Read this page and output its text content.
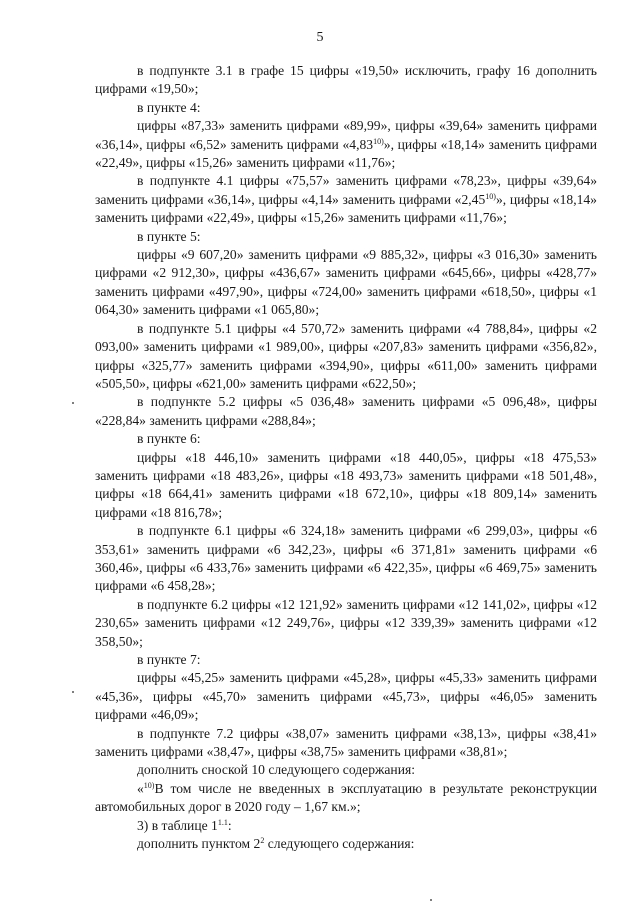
5

в подпункте 3.1 в графе 15 цифры «19,50» исключить, графу 16 дополнить цифрами «19,50»;

в пункте 4:

цифры «87,33» заменить цифрами «89,99», цифры «39,64» заменить цифрами «36,14», цифры «6,52» заменить цифрами «4,83$^{10)}$», цифры «18,14» заменить цифрами «22,49», цифры «15,26» заменить цифрами «11,76»;

в подпункте 4.1 цифры «75,57» заменить цифрами «78,23», цифры «39,64» заменить цифрами «36,14», цифры «4,14» заменить цифрами «2,45$^{10)}$», цифры «18,14» заменить цифрами «22,49», цифры «15,26» заменить цифрами «11,76»;

в пункте 5:

цифры «9 607,20» заменить цифрами «9 885,32», цифры «3 016,30» заменить цифрами «2 912,30», цифры «436,67» заменить цифрами «645,66», цифры «428,77» заменить цифрами «497,90», цифры «724,00» заменить цифрами «618,50», цифры «1 064,30» заменить цифрами «1 065,80»;

в подпункте 5.1 цифры «4 570,72» заменить цифрами «4 788,84», цифры «2 093,00» заменить цифрами «1 989,00», цифры «207,83» заменить цифрами «356,82», цифры «325,77» заменить цифрами «394,90», цифры «611,00» заменить цифрами «505,50», цифры «621,00» заменить цифрами «622,50»;

в подпункте 5.2 цифры «5 036,48» заменить цифрами «5 096,48», цифры «228,84» заменить цифрами «288,84»;

в пункте 6:

цифры «18 446,10» заменить цифрами «18 440,05», цифры «18 475,53» заменить цифрами «18 483,26», цифры «18 493,73» заменить цифрами «18 501,48», цифры «18 664,41» заменить цифрами «18 672,10», цифры «18 809,14» заменить цифрами «18 816,78»;

в подпункте 6.1 цифры «6 324,18» заменить цифрами «6 299,03», цифры «6 353,61» заменить цифрами «6 342,23», цифры «6 371,81» заменить цифрами «6 360,46», цифры «6 433,76» заменить цифрами «6 422,35», цифры «6 469,75» заменить цифрами «6 458,28»;

в подпункте 6.2 цифры «12 121,92» заменить цифрами «12 141,02», цифры «12 230,65» заменить цифрами «12 249,76», цифры «12 339,39» заменить цифрами «12 358,50»;

в пункте 7:

цифры «45,25» заменить цифрами «45,28», цифры «45,33» заменить цифрами «45,36», цифры «45,70» заменить цифрами «45,73», цифры «46,05» заменить цифрами «46,09»;

в подпункте 7.2 цифры «38,07» заменить цифрами «38,13», цифры «38,41» заменить цифрами «38,47», цифры «38,75» заменить цифрами «38,81»;

дополнить сноской 10 следующего содержания:

«$^{10)}$В том числе не введенных в эксплуатацию в результате реконструкции автомобильных дорог в 2020 году – 1,67 км.»;

3) в таблице $1^{1.1}$:

дополнить пунктом $2^2$ следующего содержания:
